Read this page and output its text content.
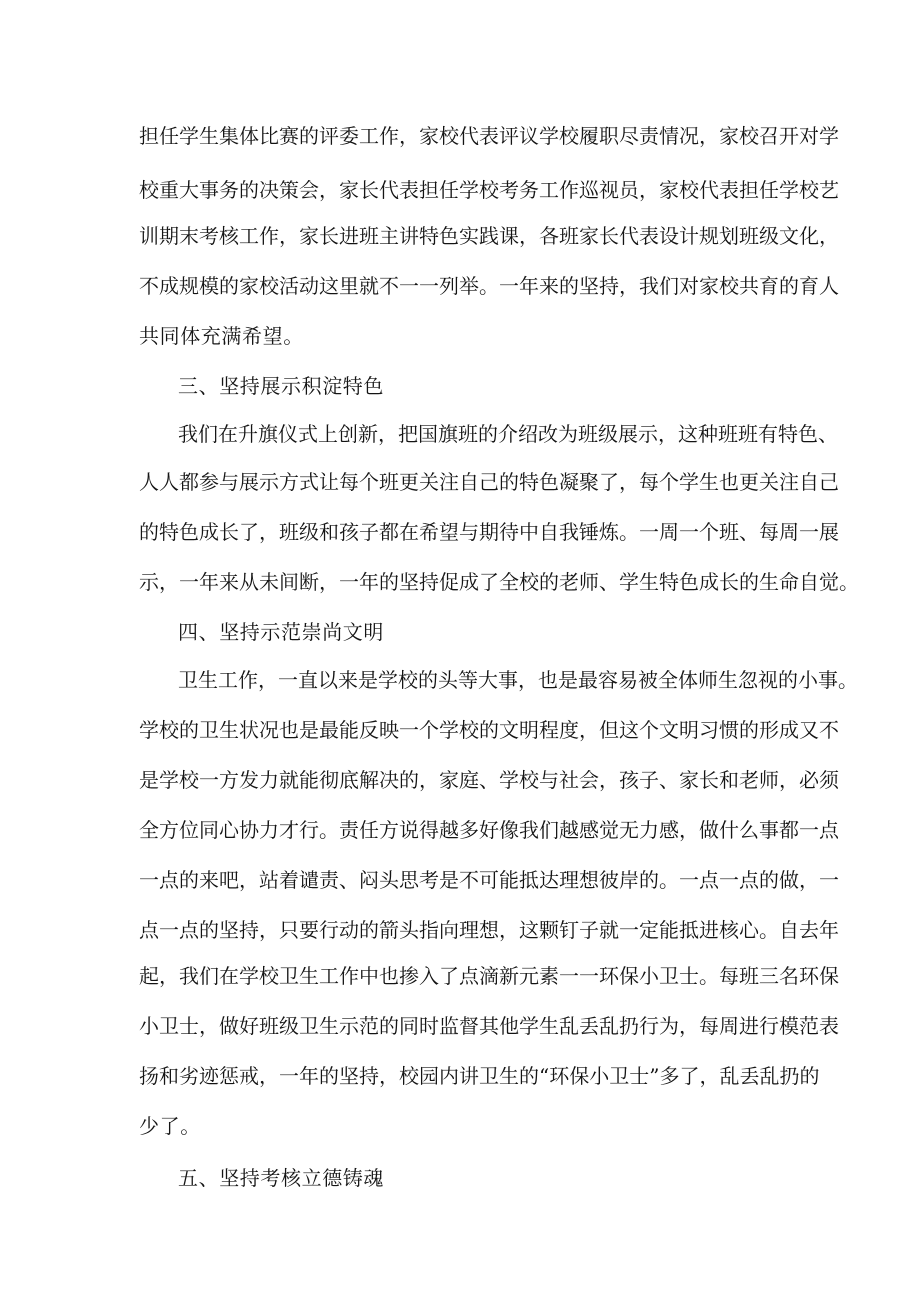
担任学生集体比赛的评委工作，家校代表评议学校履职尽责情况，家校召开对学
校重大事务的决策会，家长代表担任学校考务工作巡视员，家校代表担任学校艺
训期末考核工作，家长进班主讲特色实践课，各班家长代表设计规划班级文化，
不成规模的家校活动这里就不一一列举。一年来的坚持，我们对家校共育的育人
共同体充满希望。
三、坚持展示积淀特色
我们在升旗仪式上创新，把国旗班的介绍改为班级展示，这种班班有特色、
人人都参与展示方式让每个班更关注自己的特色凝聚了，每个学生也更关注自己
的特色成长了，班级和孩子都在希望与期待中自我锤炼。一周一个班、每周一展
示，一年来从未间断，一年的坚持促成了全校的老师、学生特色成长的生命自觉。
四、坚持示范崇尚文明
卫生工作，一直以来是学校的头等大事，也是最容易被全体师生忽视的小事。
学校的卫生状况也是最能反映一个学校的文明程度，但这个文明习惯的形成又不
是学校一方发力就能彻底解决的，家庭、学校与社会，孩子、家长和老师，必须
全方位同心协力才行。责任方说得越多好像我们越感觉无力感，做什么事都一点
一点的来吧，站着谴责、闷头思考是不可能抵达理想彼岸的。一点一点的做，一
点一点的坚持，只要行动的箭头指向理想，这颗钉子就一定能抵进核心。自去年
起，我们在学校卫生工作中也掺入了点滴新元素一一环保小卫士。每班三名环保
小卫士，做好班级卫生示范的同时监督其他学生乱丢乱扔行为，每周进行模范表
扬和劣迹惩戒，一年的坚持，校园内讲卫生的“环保小卫士”多了，乱丢乱扔的
少了。
五、坚持考核立德铸魂
